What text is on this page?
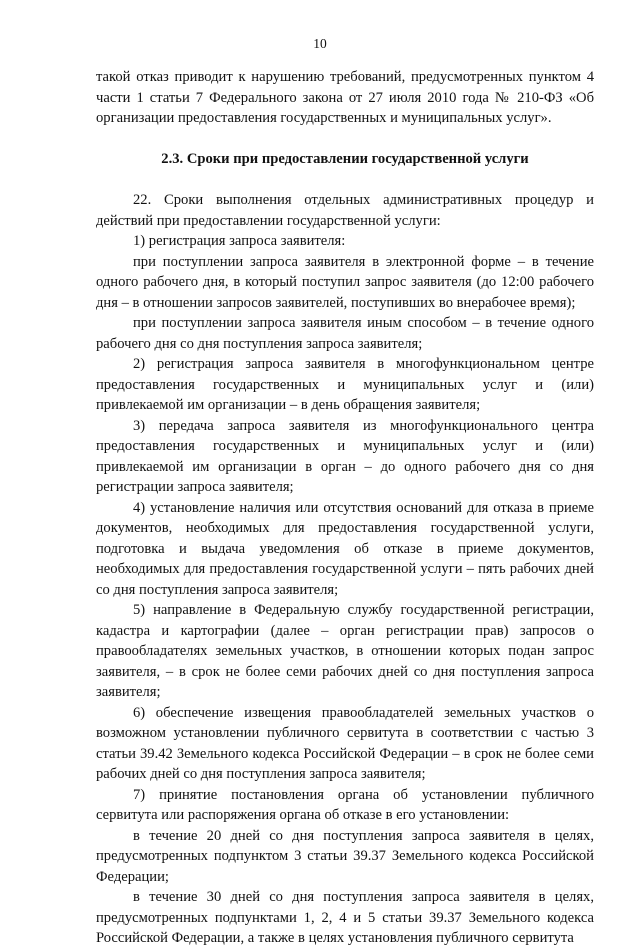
10

такой отказ приводит к нарушению требований, предусмотренных пунктом 4 части 1 статьи 7 Федерального закона от 27 июля 2010 года № 210-ФЗ «Об организации предоставления государственных и муниципальных услуг».

2.3. Сроки при предоставлении государственной услуги

22. Сроки выполнения отдельных административных процедур и действий при предоставлении государственной услуги:

1) регистрация запроса заявителя:

при поступлении запроса заявителя в электронной форме – в течение одного рабочего дня, в который поступил запрос заявителя (до 12:00 рабочего дня – в отношении запросов заявителей, поступивших во внерабочее время);

при поступлении запроса заявителя иным способом – в течение одного рабочего дня со дня поступления запроса заявителя;

2) регистрация запроса заявителя в многофункциональном центре предоставления государственных и муниципальных услуг и (или) привлекаемой им организации – в день обращения заявителя;

3) передача запроса заявителя из многофункционального центра предоставления государственных и муниципальных услуг и (или) привлекаемой им организации в орган – до одного рабочего дня со дня регистрации запроса заявителя;

4) установление наличия или отсутствия оснований для отказа в приеме документов, необходимых для предоставления государственной услуги, подготовка и выдача уведомления об отказе в приеме документов, необходимых для предоставления государственной услуги – пять рабочих дней со дня поступления запроса заявителя;

5) направление в Федеральную службу государственной регистрации, кадастра и картографии (далее – орган регистрации прав) запросов о правообладателях земельных участков, в отношении которых подан запрос заявителя, – в срок не более семи рабочих дней со дня поступления запроса заявителя;

6) обеспечение извещения правообладателей земельных участков о возможном установлении публичного сервитута в соответствии с частью 3 статьи 39.42 Земельного кодекса Российской Федерации – в срок не более семи рабочих дней со дня поступления запроса заявителя;

7) принятие постановления органа об установлении публичного сервитута или распоряжения органа об отказе в его установлении:

в течение 20 дней со дня поступления запроса заявителя в целях, предусмотренных подпунктом 3 статьи 39.37 Земельного кодекса Российской Федерации;

в течение 30 дней со дня поступления запроса заявителя в целях, предусмотренных подпунктами 1, 2, 4 и 5 статьи 39.37 Земельного кодекса Российской Федерации, а также в целях установления публичного сервитута
